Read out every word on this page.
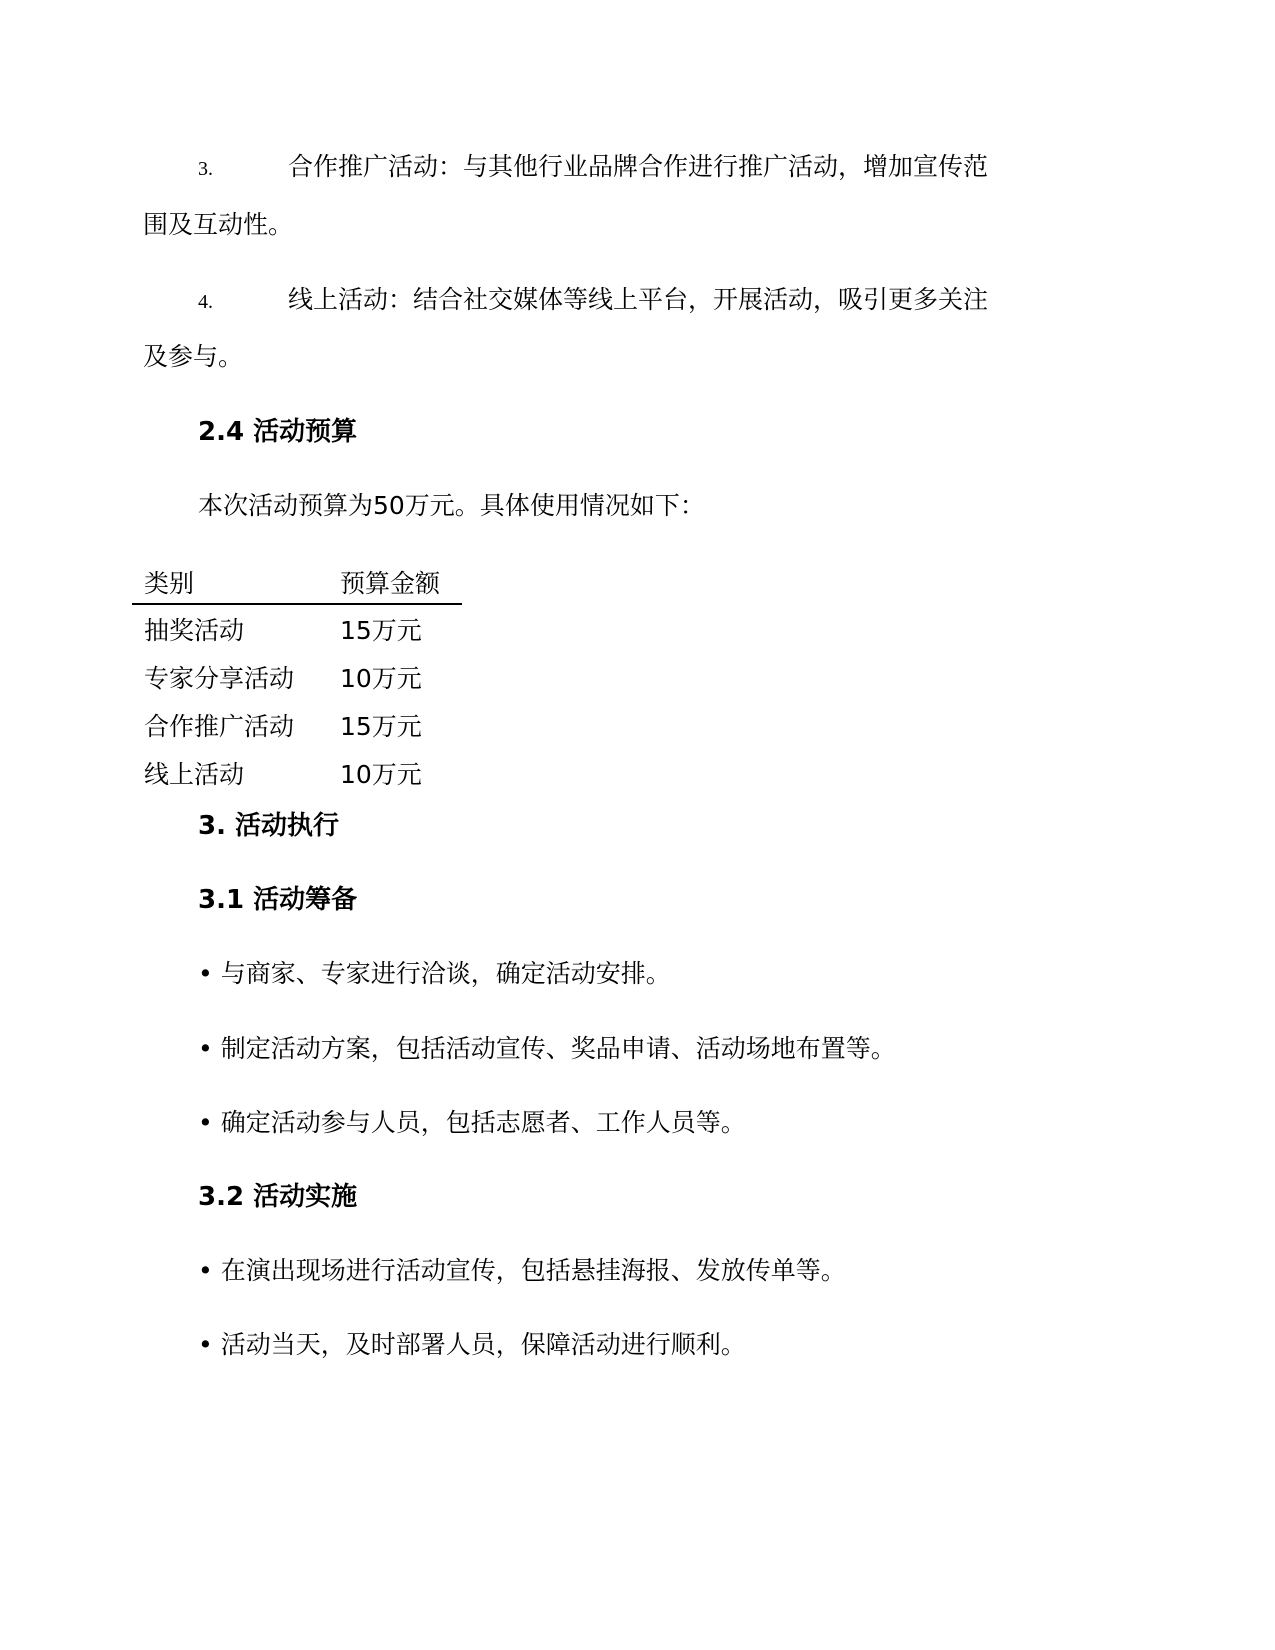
3.	合作推广活动：与其他行业品牌合作进行推广活动，增加宣传范
围及互动性。
4.	线上活动：结合社交媒体等线上平台，开展活动，吸引更多关注
及参与。
2.4 活动预算
本次活动预算为50万元。具体使用情况如下：
类别	预算金额
抽奖活动	15万元
专家分享活动	10万元
合作推广活动	15万元
线上活动	10万元
3. 活动执行
3.1 活动筹备
• 与商家、专家进行洽谈，确定活动安排。
• 制定活动方案，包括活动宣传、奖品申请、活动场地布置等。
• 确定活动参与人员，包括志愿者、工作人员等。
3.2 活动实施
• 在演出现场进行活动宣传，包括悬挂海报、发放传单等。
• 活动当天，及时部署人员，保障活动进行顺利。
